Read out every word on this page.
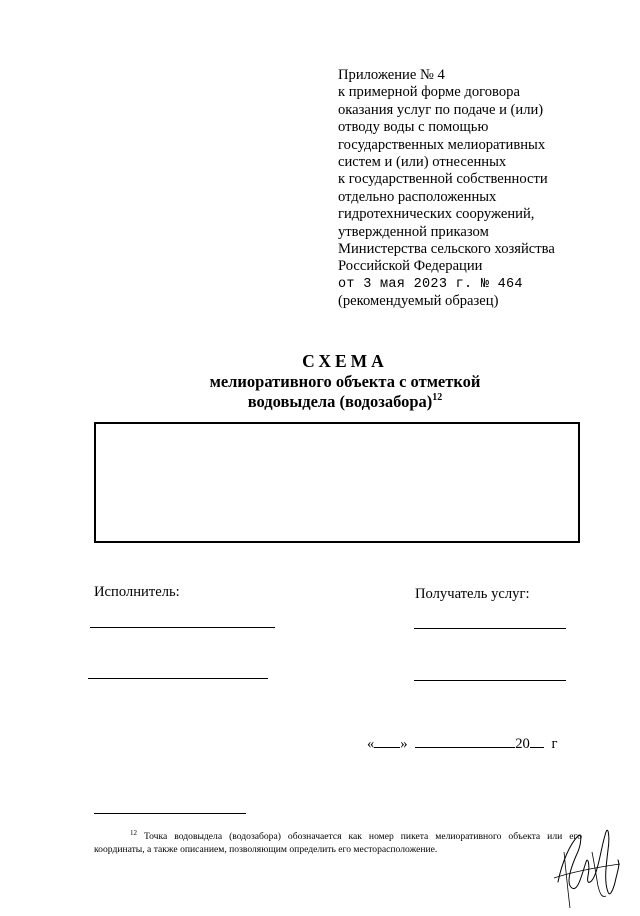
Приложение № 4
к примерной форме договора
оказания услуг по подаче и (или)
отводу воды с помощью
государственных мелиоративных
систем и (или) отнесенных
к государственной собственности
отдельно расположенных
гидротехнических сооружений,
утвержденной приказом
Министерства сельского хозяйства
Российской Федерации
от 3 мая 2023 г. № 464
(рекомендуемый образец)
СХЕМА
мелиоративного объекта с отметкой
водовыдела (водозабора)$^{12}$
Исполнитель:	Получатель услуг:
« »	20 г
$^{12}$ Точка водовыдела (водозабора) обозначается как номер пикета мелиоративного объекта или его координаты, а также описанием, позволяющим определить его месторасположение.
